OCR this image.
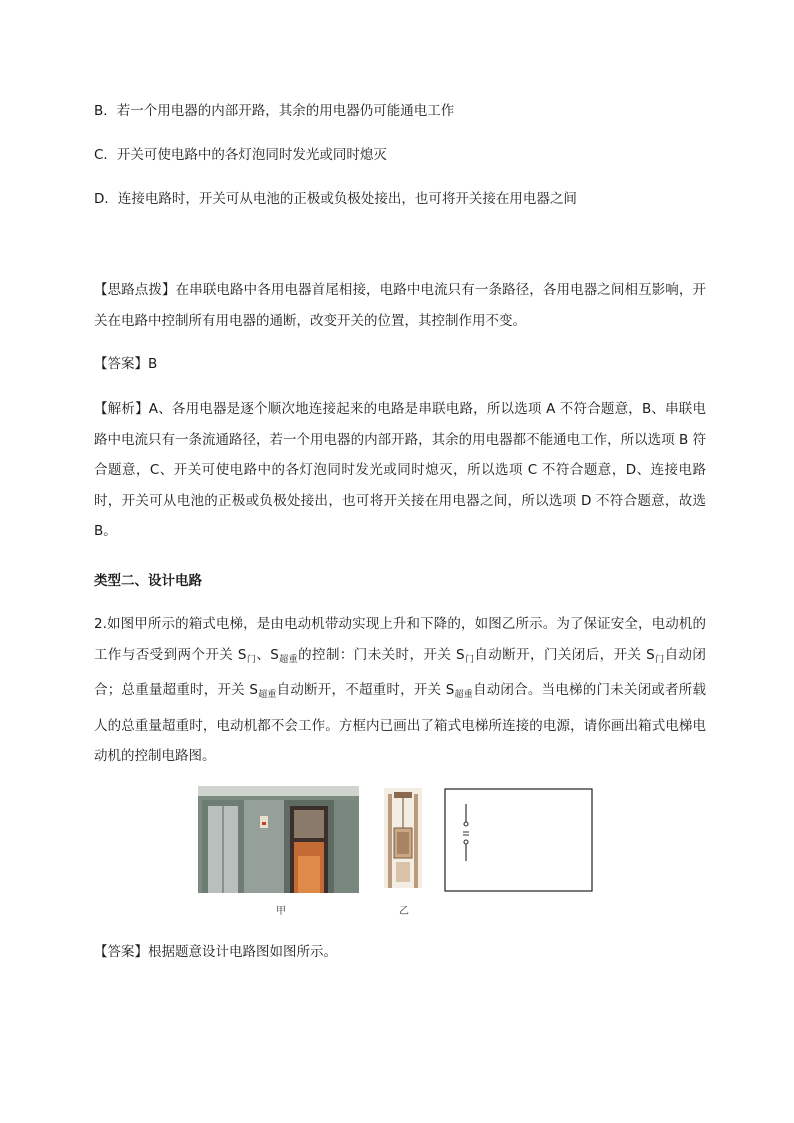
B．若一个用电器的内部开路，其余的用电器仍可能通电工作
C．开关可使电路中的各灯泡同时发光或同时熄灭
D．连接电路时，开关可从电池的正极或负极处接出，也可将开关接在用电器之间
【思路点拨】在串联电路中各用电器首尾相接，电路中电流只有一条路径，各用电器之间相互影响，开关在电路中控制所有用电器的通断，改变开关的位置，其控制作用不变。
【答案】B
【解析】A、各用电器是逐个顺次地连接起来的电路是串联电路，所以选项 A 不符合题意，B、串联电路中电流只有一条流通路径，若一个用电器的内部开路，其余的用电器都不能通电工作，所以选项 B 符合题意，C、开关可使电路中的各灯泡同时发光或同时熄灭，所以选项 C 不符合题意，D、连接电路时，开关可从电池的正极或负极处接出，也可将开关接在用电器之间，所以选项 D 不符合题意，故选 B。
类型二、设计电路
2.如图甲所示的箱式电梯，是由电动机带动实现上升和下降的，如图乙所示。为了保证安全，电动机的工作与否受到两个开关 $S_门$、$S_{超重}$的控制：门未关时，开关 $S_门$自动断开，门关闭后，开关 $S_门$自动闭合；总重量超重时，开关 $S_{超重}$自动断开，不超重时，开关 $S_{超重}$自动闭合。当电梯的门未关闭或者所载人的总重量超重时，电动机都不会工作。方框内已画出了箱式电梯所连接的电源，请你画出箱式电梯电动机的控制电路图。
甲	乙
【答案】根据题意设计电路图如图所示。
